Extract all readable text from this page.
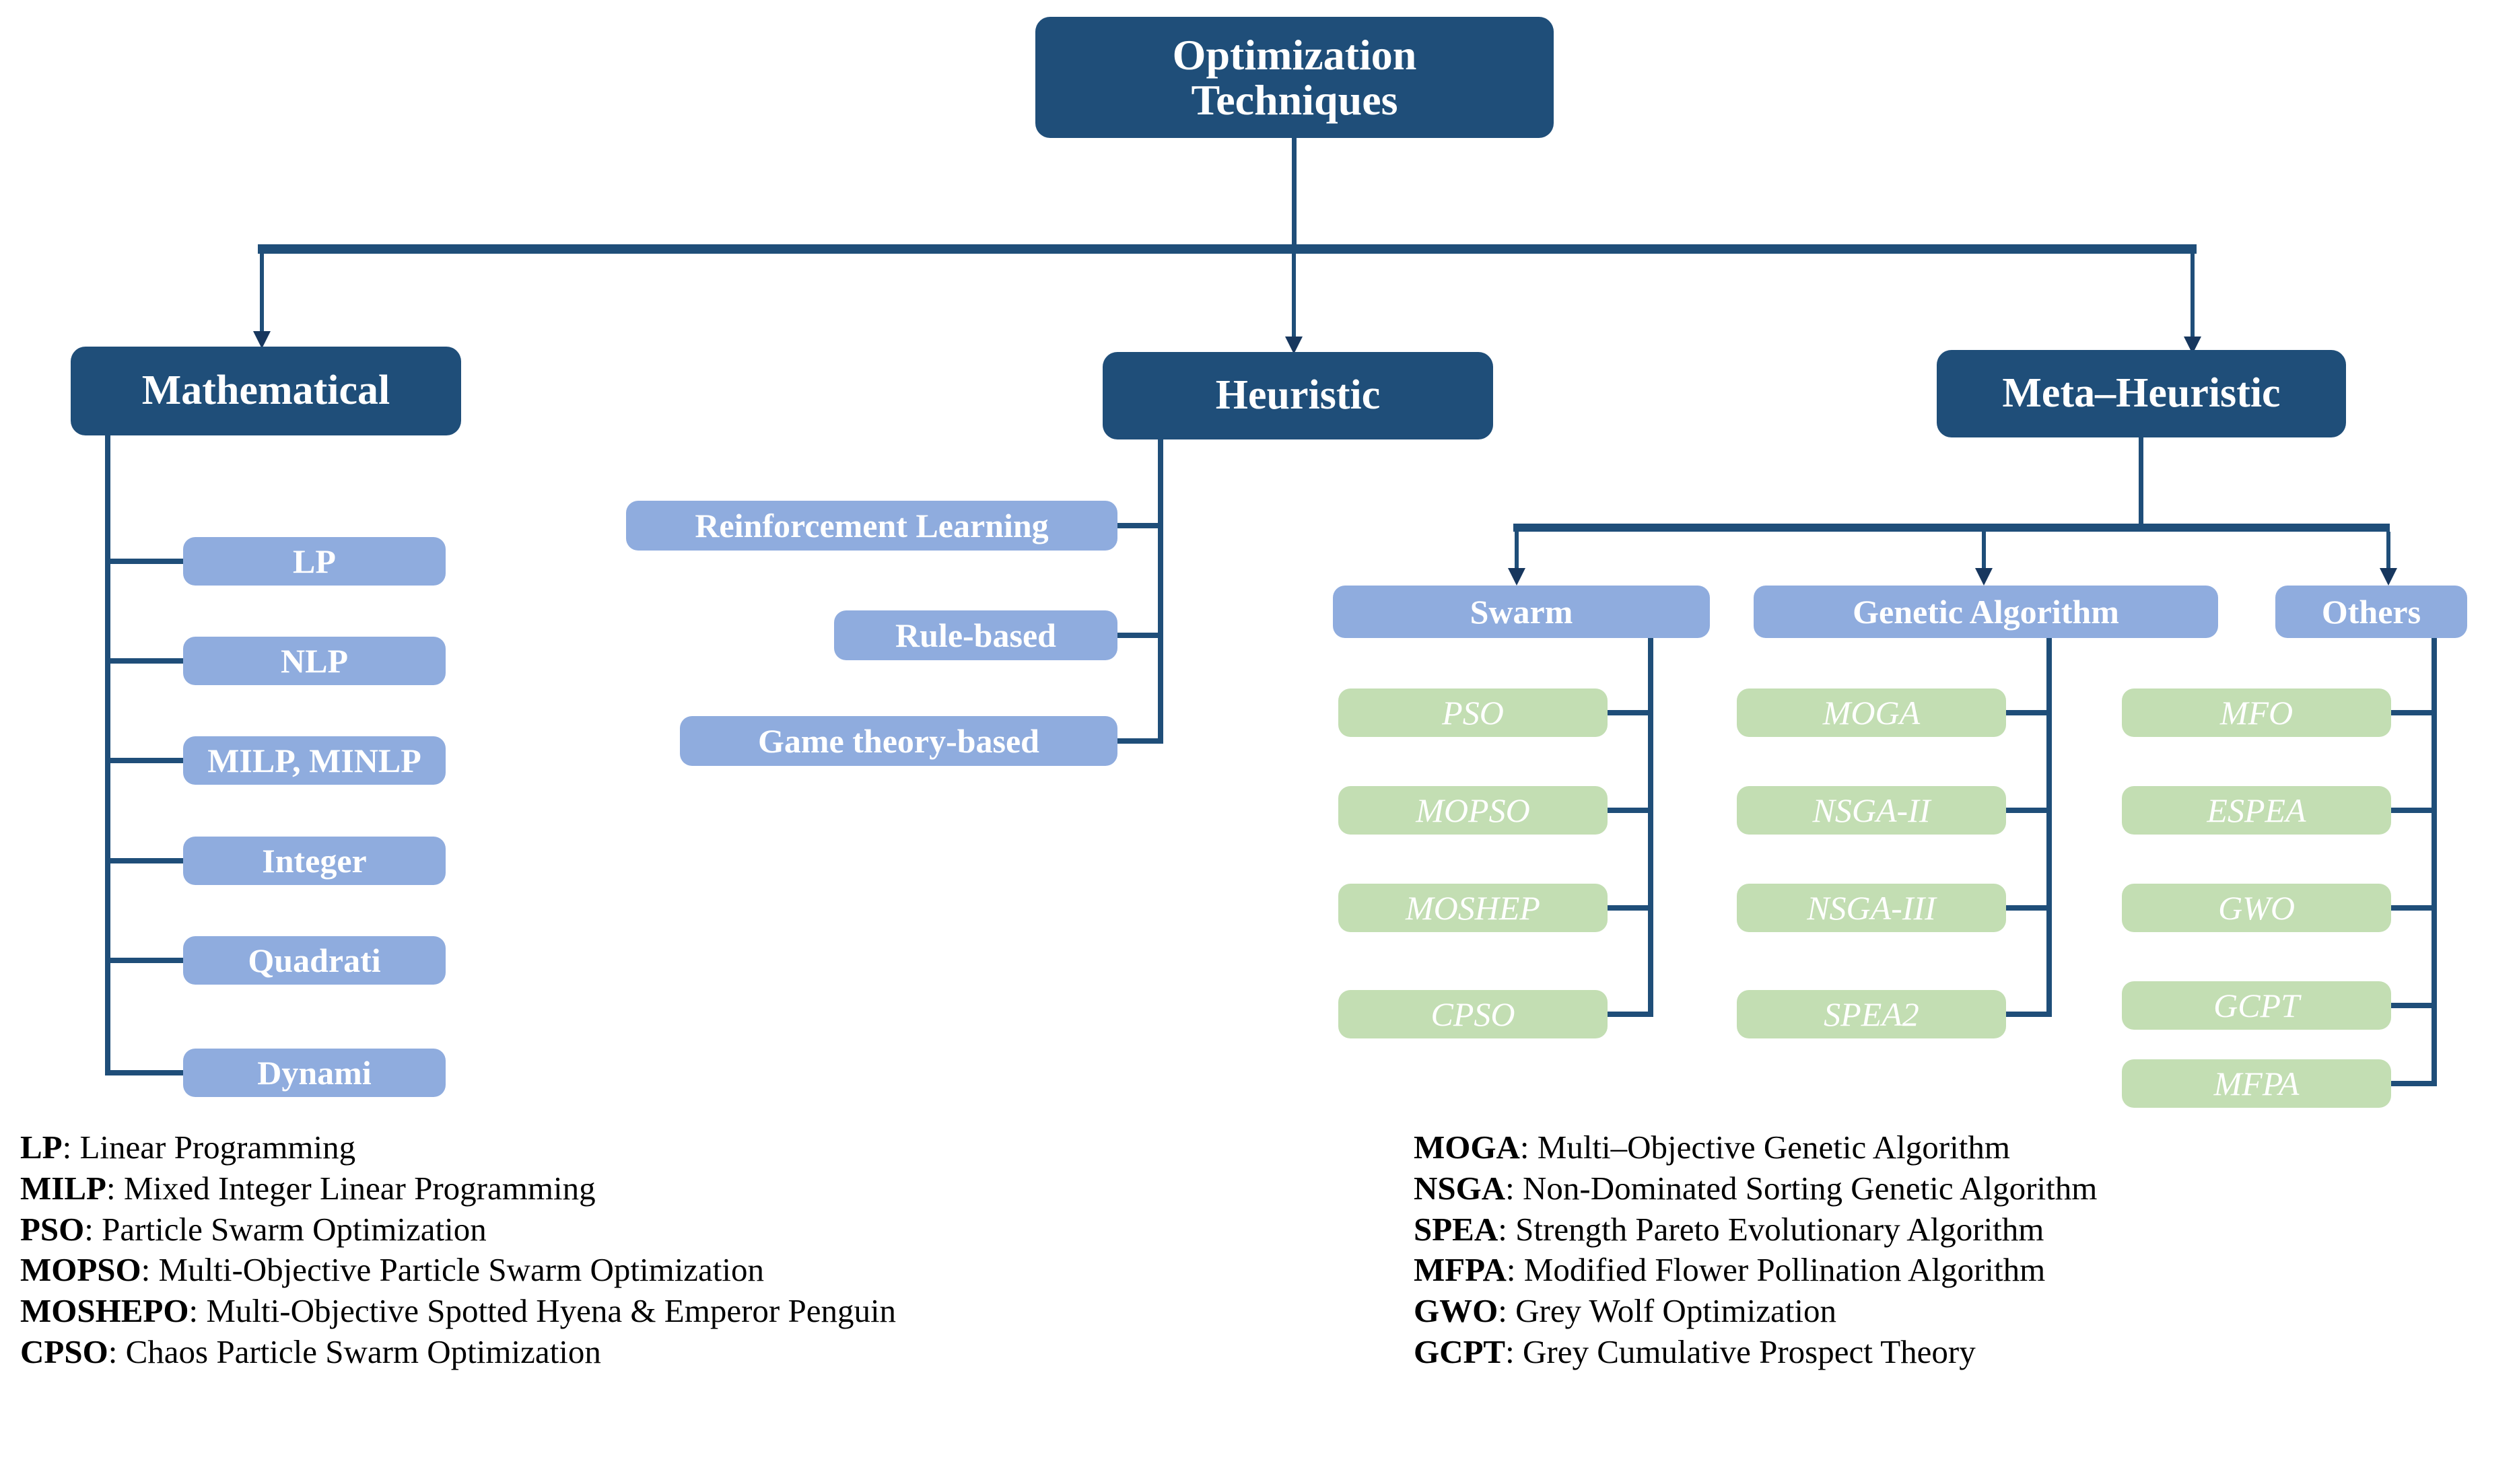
Optimization
Techniques
Mathematical
LP
NLP
MILP, MINLP
Integer
Quadrati
Dynami
Heuristic
Reinforcement Learning
Rule-based
Game theory-based
Meta–Heuristic
Swarm	Genetic Algorithm	Others
PSO
MOPSO
MOSHEP
CPSO
MOGA
NSGA-II
NSGA-III
SPEA2
MFO
ESPEA
GWO
GCPT
MFPA
LP: Linear Programming
MILP: Mixed Integer Linear Programming
PSO: Particle Swarm Optimization
MOPSO: Multi-Objective Particle Swarm Optimization
MOSHEPO: Multi-Objective Spotted Hyena & Emperor Penguin
CPSO: Chaos Particle Swarm Optimization
MOGA: Multi–Objective Genetic Algorithm
NSGA: Non-Dominated Sorting Genetic Algorithm
SPEA: Strength Pareto Evolutionary Algorithm
MFPA: Modified Flower Pollination Algorithm
GWO: Grey Wolf Optimization
GCPT: Grey Cumulative Prospect Theory
